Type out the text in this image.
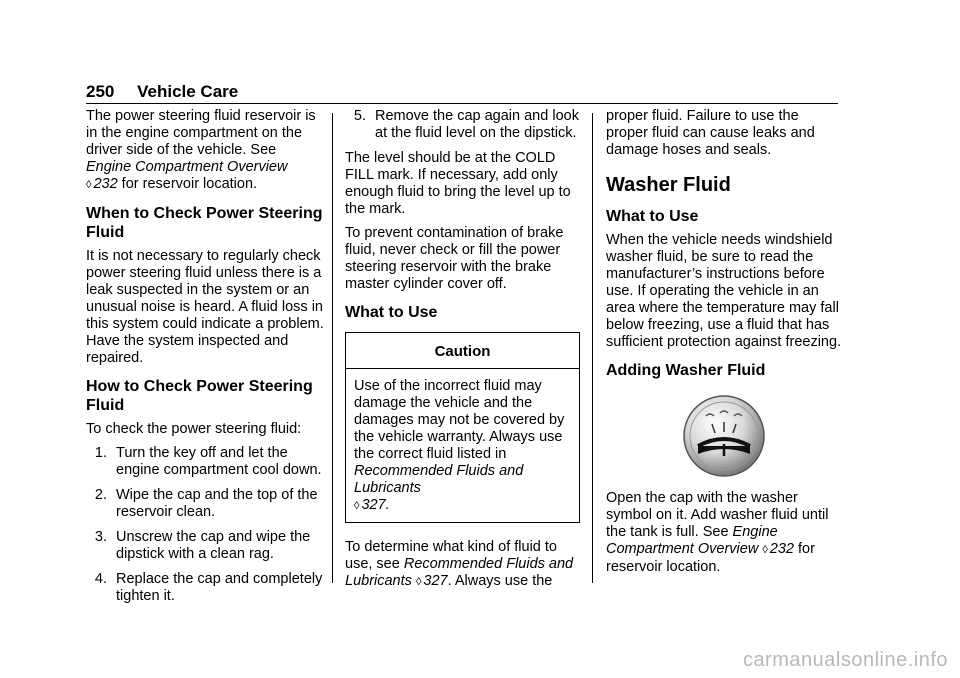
250 Vehicle Care

The power steering fluid reservoir is in the engine compartment on the driver side of the vehicle. See
Engine Compartment Overview
◊ 232 for reservoir location.

When to Check Power Steering Fluid

It is not necessary to regularly check power steering fluid unless there is a leak suspected in the system or an unusual noise is heard. A fluid loss in this system could indicate a problem. Have the system inspected and repaired.

How to Check Power Steering Fluid

To check the power steering fluid:

1. Turn the key off and let the engine compartment cool down.
2. Wipe the cap and the top of the reservoir clean.
3. Unscrew the cap and wipe the dipstick with a clean rag.
4. Replace the cap and completely tighten it.
5. Remove the cap again and look at the fluid level on the dipstick.

The level should be at the COLD FILL mark. If necessary, add only enough fluid to bring the level up to the mark.

To prevent contamination of brake fluid, never check or fill the power steering reservoir with the brake master cylinder cover off.

What to Use
Caution
Use of the incorrect fluid may damage the vehicle and the damages may not be covered by the vehicle warranty. Always use the correct fluid listed in
Recommended Fluids and Lubricants
◊ 327.

To determine what kind of fluid to use, see Recommended Fluids and Lubricants ◊ 327. Always use the

proper fluid. Failure to use the proper fluid can cause leaks and damage hoses and seals.

Washer Fluid
What to Use

When the vehicle needs windshield washer fluid, be sure to read the manufacturer’s instructions before use. If operating the vehicle in an area where the temperature may fall below freezing, use a fluid that has sufficient protection against freezing.

Adding Washer Fluid

Open the cap with the washer symbol on it. Add washer fluid until the tank is full. See Engine Compartment Overview ◊ 232 for reservoir location.

carmanualsonline.info
